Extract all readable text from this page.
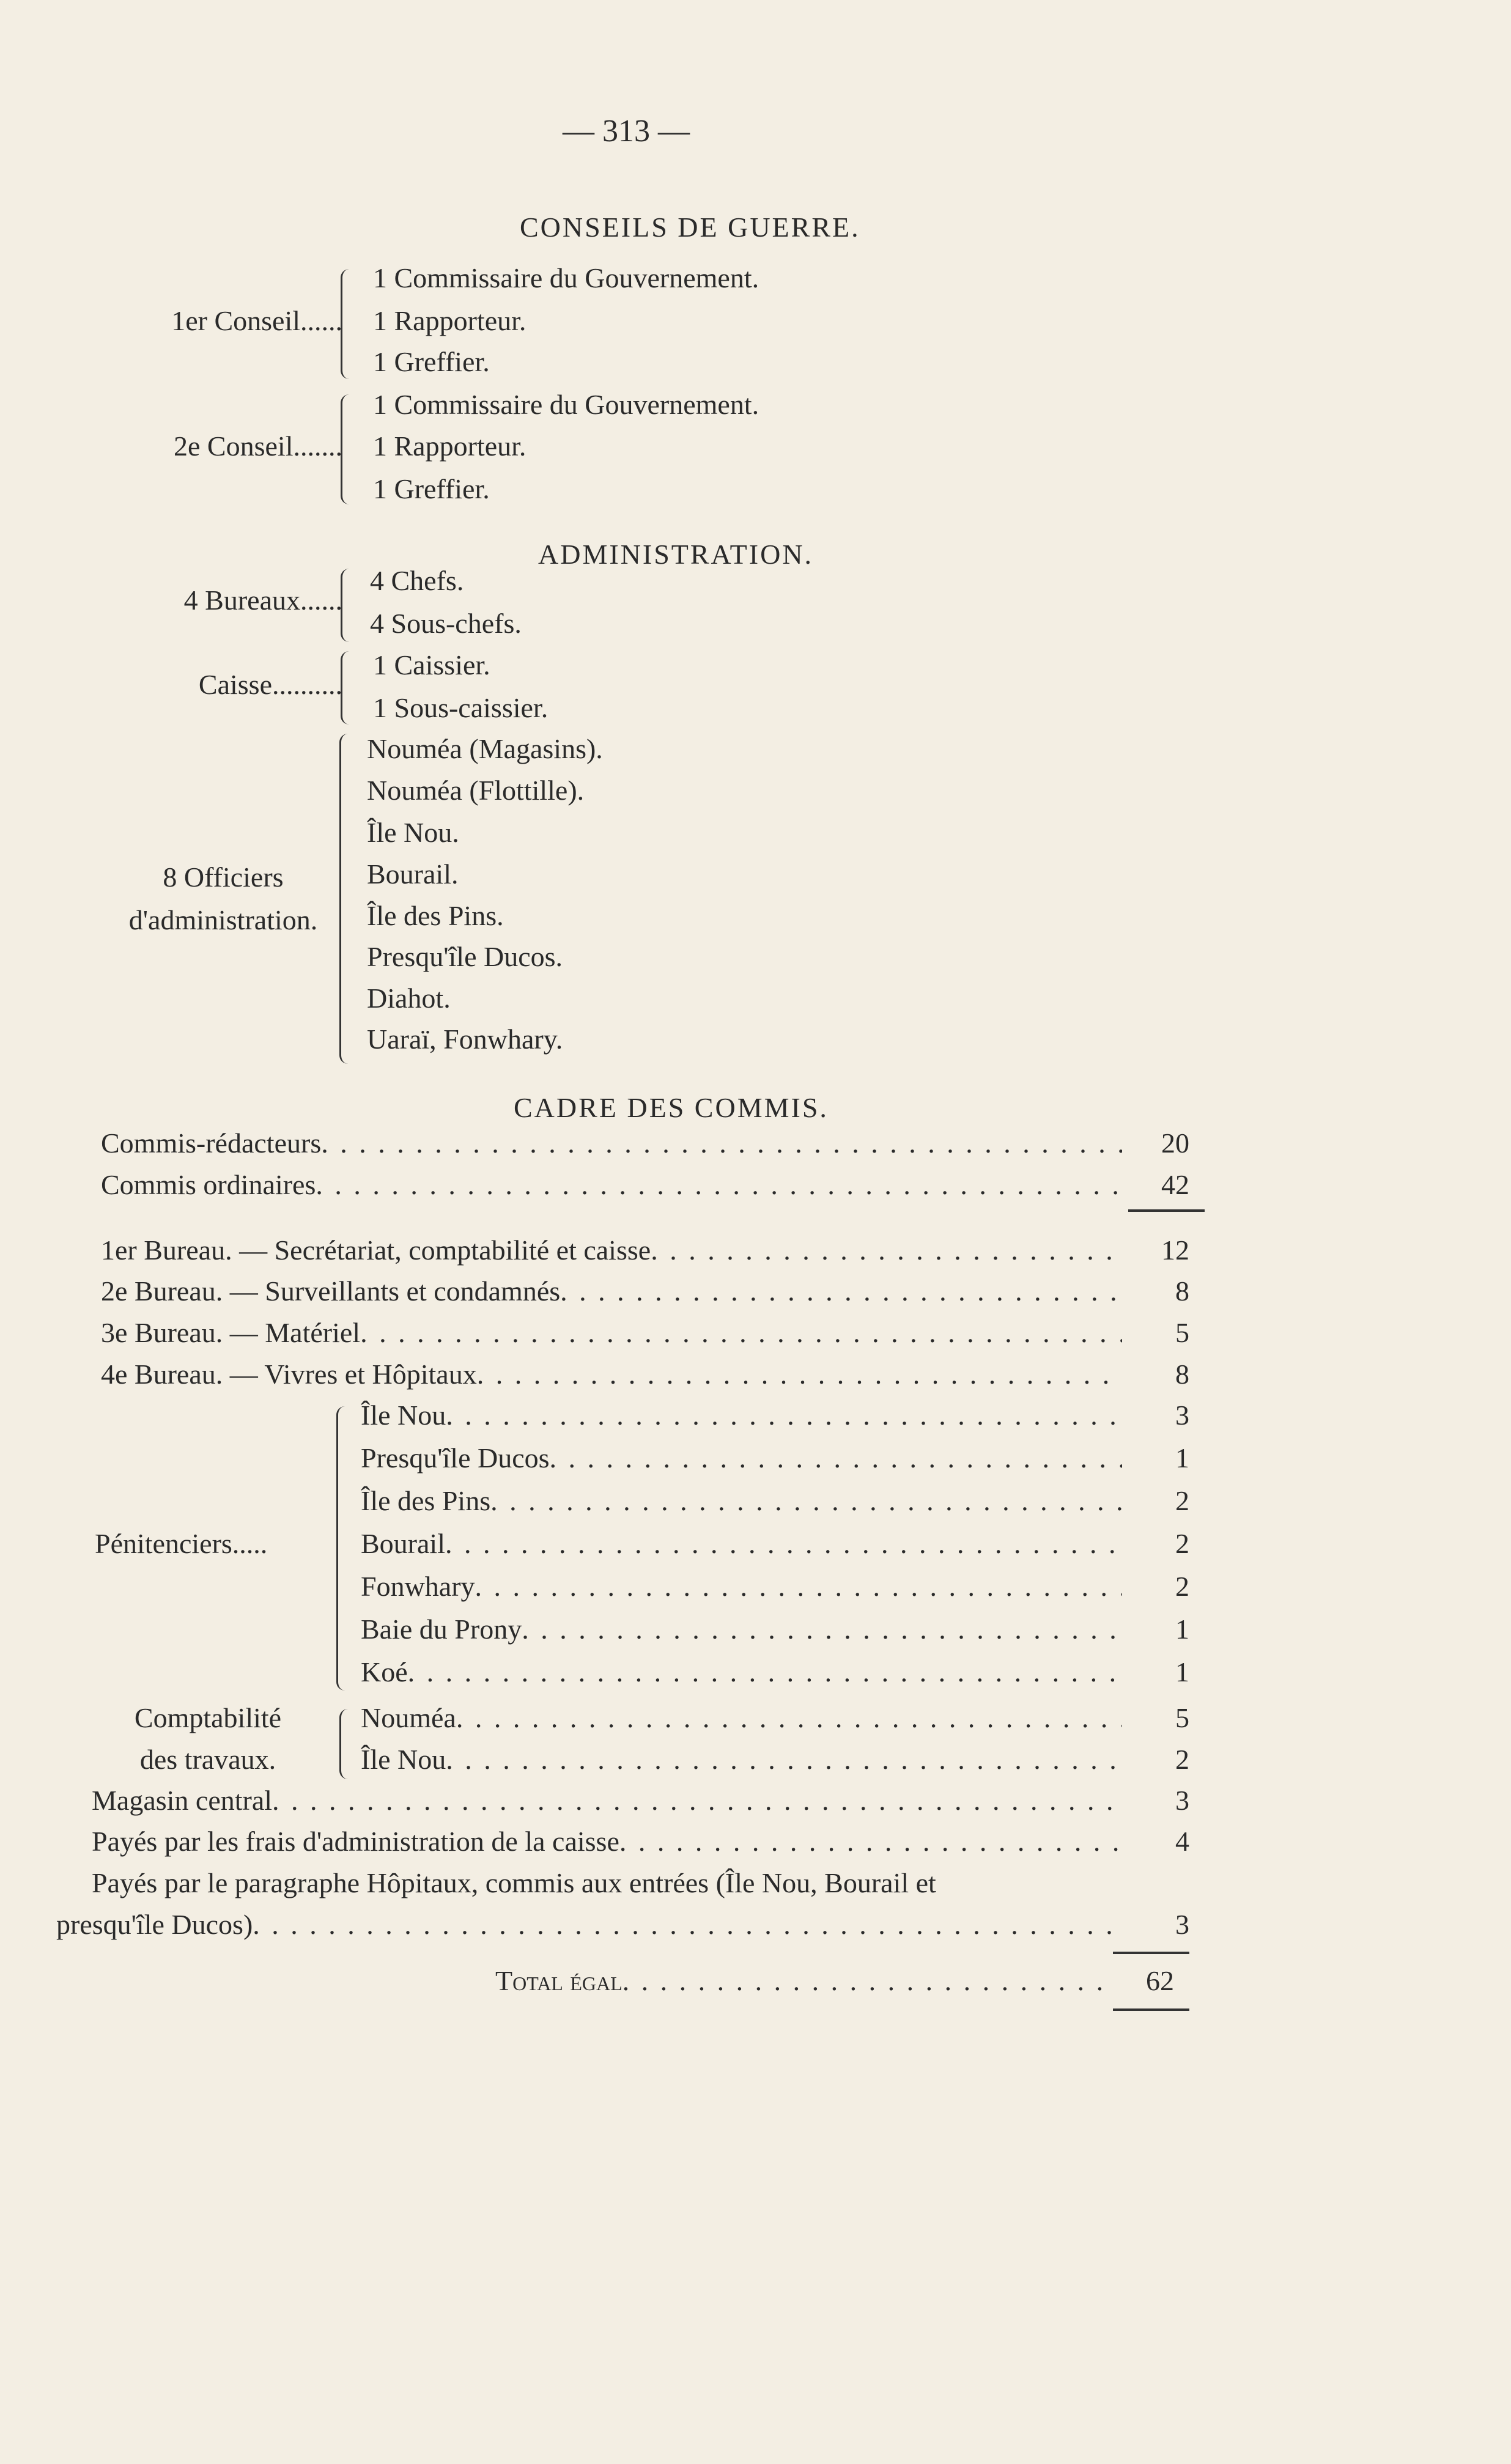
— 313 —
CONSEILS DE GUERRE.
1er Conseil......
1 Commissaire du Gouvernement.
1 Rapporteur.
1 Greffier.
2e Conseil.......
1 Commissaire du Gouvernement.
1 Rapporteur.
1 Greffier.
ADMINISTRATION.
4 Bureaux......
4 Chefs.
4 Sous-chefs.
Caisse..........
1 Caissier.
1 Sous-caissier.
8 Officiers
d'administration.
Nouméa (Magasins).
Nouméa (Flottille).
Île Nou.
Bourail.
Île des Pins.
Presqu'île Ducos.
Diahot.
Uaraï, Fonwhary.
CADRE DES COMMIS.
Commis-rédacteurs . . .	20
Commis ordinaires . . .	42
1er Bureau. — Secrétariat, comptabilité et caisse . . .	12
2e Bureau. — Surveillants et condamnés . . .	8
3e Bureau. — Matériel . . .	5
4e Bureau. — Vivres et Hôpitaux . . .	8
Pénitenciers.....
Île Nou . . .	3
Presqu'île Ducos . . .	1
Île des Pins . . .	2
Bourail . . .	2
Fonwhary . . .	2
Baie du Prony . . .	1
Koé . . .	1
Comptabilité
des travaux.
Nouméa . . .	5
Île Nou . . .	2
Magasin central . . .	3
Payés par les frais d'administration de la caisse . . .	4
Payés par le paragraphe Hôpitaux, commis aux entrées (Île Nou, Bourail et
presqu'île Ducos) . . .	3
Total égal . . .	62
